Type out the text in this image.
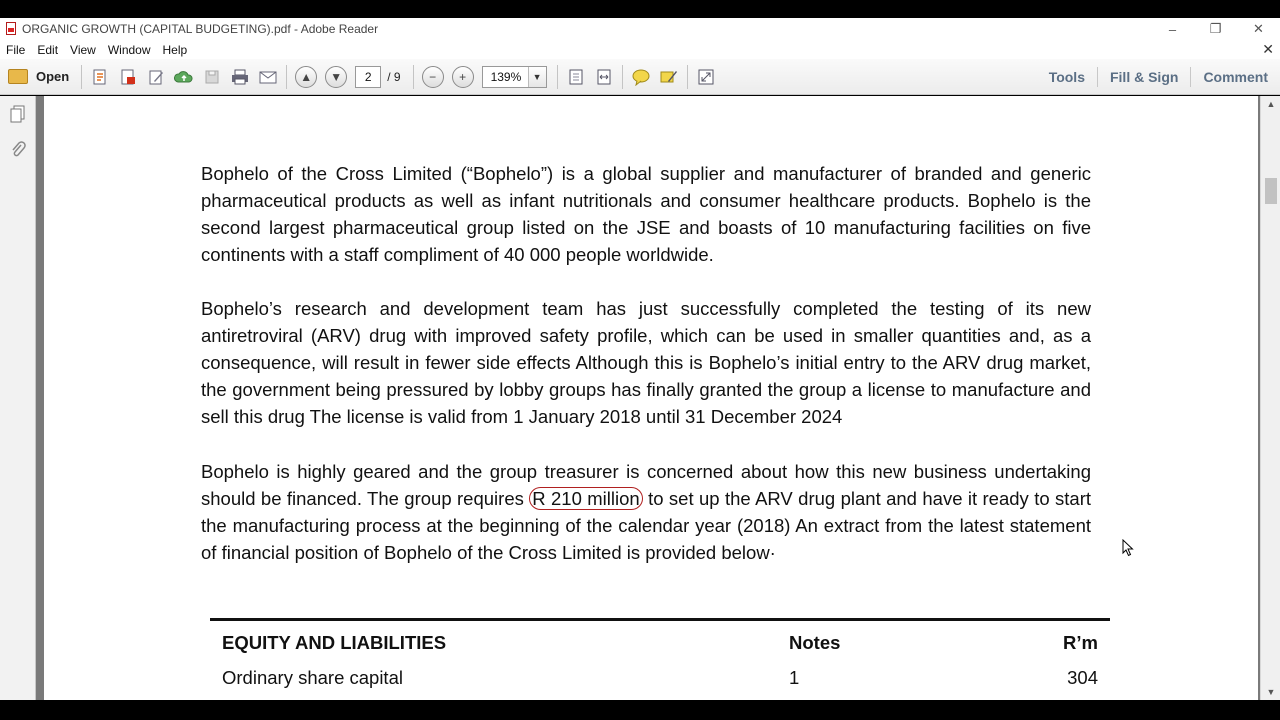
ORGANIC GROWTH (CAPITAL BUDGETING).pdf - Adobe Reader	–	❐	✕
File	Edit	View	Window	Help	✕
Open	▲	▼	2	/ 9	−	+	139%	▼	Tools	Fill & Sign	Comment
Bophelo of the Cross Limited (“Bophelo”) is a global supplier and manufacturer of branded and generic pharmaceutical products as well as infant nutritionals and consumer healthcare products. Bophelo is the second largest pharmaceutical group listed on the JSE and boasts of 10 manufacturing facilities on five continents with a staff compliment of 40 000 people worldwide.
Bophelo’s research and development team has just successfully completed the testing of its new antiretroviral (ARV) drug with improved safety profile, which can be used in smaller quantities and, as a consequence, will result in fewer side effects Although this is Bophelo’s initial entry to the ARV drug market, the government being pressured by lobby groups has finally granted the group a license to manufacture and sell this drug The license is valid from 1 January 2018 until 31 December 2024
Bophelo is highly geared and the group treasurer is concerned about how this new business undertaking should be financed. The group requires R 210 million to set up the ARV drug plant and have it ready to start the manufacturing process at the beginning of the calendar year (2018) An extract from the latest statement of financial position of Bophelo of the Cross Limited is provided below·
EQUITY AND LIABILITIES	Notes	R’m
Ordinary share capital	1	304
▲
▼
